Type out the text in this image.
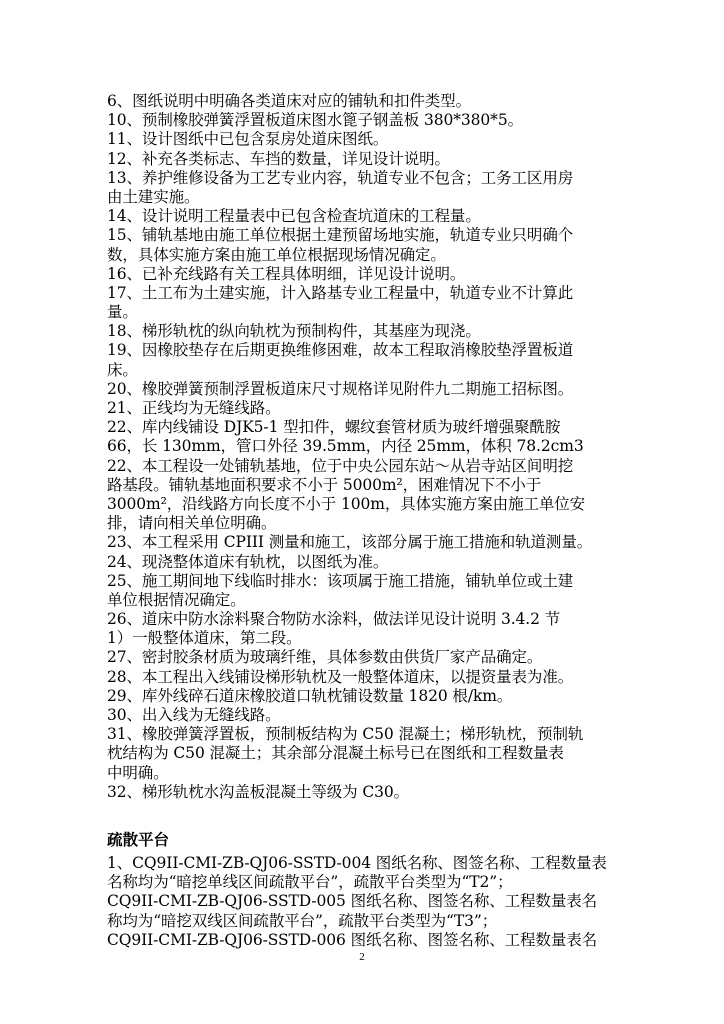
6、图纸说明中明确各类道床对应的铺轨和扣件类型。
10、预制橡胶弹簧浮置板道床图水篦子钢盖板 380*380*5。
11、设计图纸中已包含泵房处道床图纸。
12、补充各类标志、车挡的数量，详见设计说明。
13、养护维修设备为工艺专业内容，轨道专业不包含；工务工区用房
由土建实施。
14、设计说明工程量表中已包含检查坑道床的工程量。
15、铺轨基地由施工单位根据土建预留场地实施，轨道专业只明确个
数，具体实施方案由施工单位根据现场情况确定。
16、已补充线路有关工程具体明细，详见设计说明。
17、土工布为土建实施，计入路基专业工程量中，轨道专业不计算此
量。
18、梯形轨枕的纵向轨枕为预制构件，其基座为现浇。
19、因橡胶垫存在后期更换维修困难，故本工程取消橡胶垫浮置板道
床。
20、橡胶弹簧预制浮置板道床尺寸规格详见附件九二期施工招标图。
21、正线均为无缝线路。
22、库内线铺设 DJK5-1 型扣件，螺纹套管材质为玻纤增强聚酰胺
66，长 130mm，管口外径 39.5mm，内径 25mm，体积 78.2cm3
22、本工程设一处铺轨基地，位于中央公园东站～从岩寺站区间明挖
路基段。铺轨基地面积要求不小于 5000m²，困难情况下不小于
3000m²，沿线路方向长度不小于 100m，具体实施方案由施工单位安
排，请向相关单位明确。
23、本工程采用 CPIII 测量和施工，该部分属于施工措施和轨道测量。
24、现浇整体道床有轨枕，以图纸为准。
25、施工期间地下线临时排水：该项属于施工措施，铺轨单位或土建
单位根据情况确定。
26、道床中防水涂料聚合物防水涂料，做法详见设计说明 3.4.2 节
1）一般整体道床，第二段。
27、密封胶条材质为玻璃纤维，具体参数由供货厂家产品确定。
28、本工程出入线铺设梯形轨枕及一般整体道床，以提资量表为准。
29、库外线碎石道床橡胶道口轨枕铺设数量 1820 根/km。
30、出入线为无缝线路。
31、橡胶弹簧浮置板，预制板结构为 C50 混凝土；梯形轨枕，预制轨
枕结构为 C50 混凝土；其余部分混凝土标号已在图纸和工程数量表
中明确。
32、梯形轨枕水沟盖板混凝土等级为 C30。
疏散平台
1、CQ9II-CMI-ZB-QJ06-SSTD-004 图纸名称、图签名称、工程数量表
名称均为“暗挖单线区间疏散平台”，疏散平台类型为“T2”；
CQ9II-CMI-ZB-QJ06-SSTD-005 图纸名称、图签名称、工程数量表名
称均为“暗挖双线区间疏散平台”，疏散平台类型为“T3”；
CQ9II-CMI-ZB-QJ06-SSTD-006 图纸名称、图签名称、工程数量表名
2
